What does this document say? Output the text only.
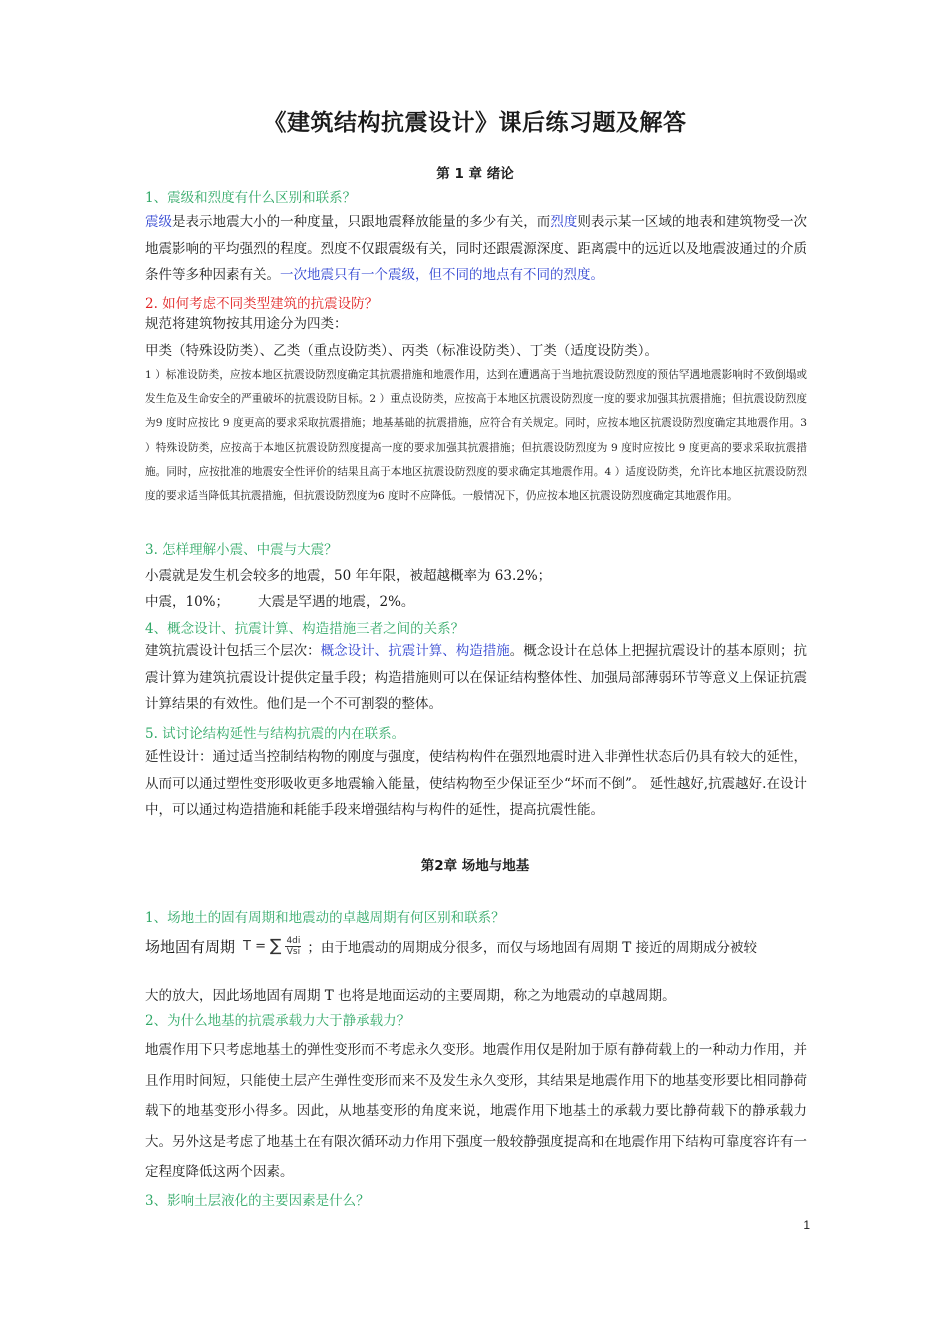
《建筑结构抗震设计》课后练习题及解答
第 1 章 绪论
1、震级和烈度有什么区别和联系？
震级是表示地震大小的一种度量，只跟地震释放能量的多少有关，而烈度则表示某一区域的地表和建筑物受一次地震影响的平均强烈的程度。烈度不仅跟震级有关，同时还跟震源深度、距离震中的远近以及地震波通过的介质条件等多种因素有关。一次地震只有一个震级，但不同的地点有不同的烈度。
2. 如何考虑不同类型建筑的抗震设防？
规范将建筑物按其用途分为四类：
甲类（特殊设防类）、乙类（重点设防类）、丙类（标准设防类）、丁类（适度设防类）。
1 ）标准设防类，应按本地区抗震设防烈度确定其抗震措施和地震作用，达到在遭遇高于当地抗震设防烈度的预估罕遇地震影响时不致倒塌或发生危及生命安全的严重破坏的抗震设防目标。2 ）重点设防类，应按高于本地区抗震设防烈度一度的要求加强其抗震措施；但抗震设防烈度为9 度时应按比 9 度更高的要求采取抗震措施；地基基础的抗震措施，应符合有关规定。同时，应按本地区抗震设防烈度确定其地震作用。3 ）特殊设防类，应按高于本地区抗震设防烈度提高一度的要求加强其抗震措施；但抗震设防烈度为 9 度时应按比 9 度更高的要求采取抗震措施。同时，应按批准的地震安全性评价的结果且高于本地区抗震设防烈度的要求确定其地震作用。4 ）适度设防类，允许比本地区抗震设防烈度的要求适当降低其抗震措施，但抗震设防烈度为6 度时不应降低。一般情况下，仍应按本地区抗震设防烈度确定其地震作用。
3. 怎样理解小震、中震与大震？
小震就是发生机会较多的地震，50 年年限，被超越概率为 63.2%；
中震，10%； 大震是罕遇的地震，2%。
4、概念设计、抗震计算、构造措施三者之间的关系？
建筑抗震设计包括三个层次：概念设计、抗震计算、构造措施。概念设计在总体上把握抗震设计的基本原则；抗震计算为建筑抗震设计提供定量手段；构造措施则可以在保证结构整体性、加强局部薄弱环节等意义上保证抗震计算结果的有效性。他们是一个不可割裂的整体。
5. 试讨论结构延性与结构抗震的内在联系。
延性设计：通过适当控制结构物的刚度与强度，使结构构件在强烈地震时进入非弹性状态后仍具有较大的延性，从而可以通过塑性变形吸收更多地震输入能量，使结构物至少保证至少“坏而不倒”。 延性越好,抗震越好.在设计中，可以通过构造措施和耗能手段来增强结构与构件的延性，提高抗震性能。
第2章 场地与地基
1、场地土的固有周期和地震动的卓越周期有何区别和联系？
场地固有周期 T = ∑ $\frac{4di}{\text{Vsi}}$ ；由于地震动的周期成分很多，而仅与场地固有周期 T 接近的周期成分被较
大的放大，因此场地固有周期 T 也将是地面运动的主要周期，称之为地震动的卓越周期。
2、为什么地基的抗震承载力大于静承载力？
地震作用下只考虑地基土的弹性变形而不考虑永久变形。地震作用仅是附加于原有静荷载上的一种动力作用，并且作用时间短，只能使土层产生弹性变形而来不及发生永久变形，其结果是地震作用下的地基变形要比相同静荷载下的地基变形小得多。因此，从地基变形的角度来说，地震作用下地基土的承载力要比静荷载下的静承载力大。另外这是考虑了地基土在有限次循环动力作用下强度一般较静强度提高和在地震作用下结构可靠度容许有一定程度降低这两个因素。
3、影响土层液化的主要因素是什么？
1
